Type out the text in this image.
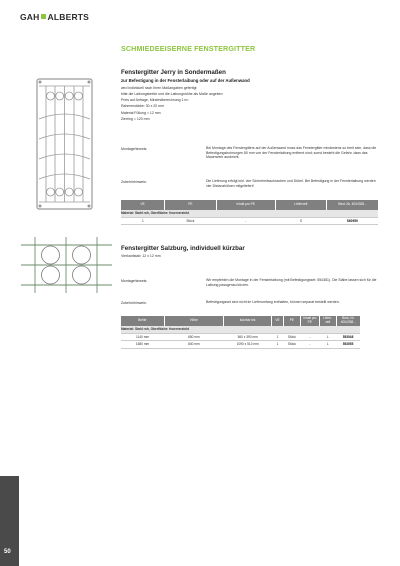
GAH ALBERTS
SCHMIEDEEISERNE FENSTERGITTER
Fenstergitter Jerry in Sondermaßen
zur Befestigung in der Fensterlaibung oder auf der Außenwand
wird individuell nach Ihren Maßangaben gefertigt
bitte die Laibungsbreite und die Laibungshöhe als Maße angeben
Preis auf Anfrage, Mindestberechnung 1 m²
Rahmenstärke: 30 x 20 mm
Material Füllung = 12 mm
Zierring = 120 mm
Montagehinweis:	Bei Montage des Fenstergitters auf der Außenwand muss das Fenstergitter mindestens so breit sein, dass die Befestigungsbohrungen 80 mm von der Fensterlaibung entfernt sind; sonst besteht die Gefahr, dass das Mauerwerk ausbricht.
Zubehörhinweis:	Die Lieferung erfolgt inkl. vier Sicherheitsschrauben und Dübel. Bei Befestigung in der Fensterlaibung werden vier Distanzhülsen mitgeliefert!
VE	PE	Inhalt pro PE	Lieferzeit	Best.-Nr. 4004338...
Material: Stahl roh, Oberfläche: feuerverzinkt				
1	Stück	-	S	S60959
Fenstergitter Salzburg, individuell kürzbar
Vierkantstab: 12 x 12 mm
Montagehinweis:	Wir empfehlen die Montage in der Fensterlaibung (mit Befestigungsset: 554381). Die Stäbe lassen sich für die Laibung passgenau kürzen.
Zubehörhinweis:	Befestigungsset sind nicht im Lieferumfang enthalten, können separat bestellt werden.
Breite	Höhe	kürzbar bis	VE	PE	Inhalt pro PE	Liefer-zeit	Best.-Nr. 4004338...
Material: Stahl roh, Oberfläche: feuerverzinkt							
1140 mm	650 mm	560 x 390 mm	1	Stück	-	L	553548
1680 mm	840 mm	1090 x 510 mm	1	Stück	-	L	553555
50
